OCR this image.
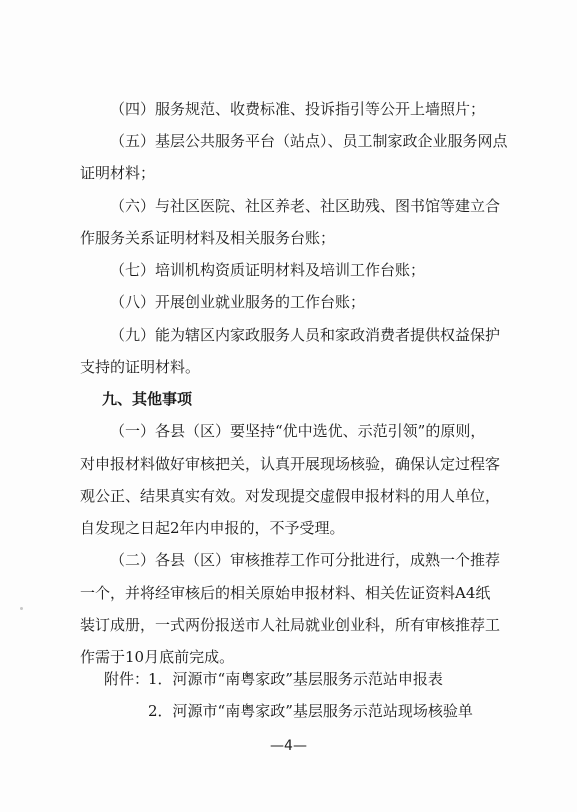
（四）服务规范、收费标准、投诉指引等公开上墙照片；
（五）基层公共服务平台（站点）、员工制家政企业服务网点
证明材料；
（六）与社区医院、社区养老、社区助残、图书馆等建立合
作服务关系证明材料及相关服务台账；
（七）培训机构资质证明材料及培训工作台账；
（八）开展创业就业服务的工作台账；
（九）能为辖区内家政服务人员和家政消费者提供权益保护
支持的证明材料。
九、其他事项
（一）各县（区）要坚持“优中选优、示范引领”的原则，
对申报材料做好审核把关，认真开展现场核验，确保认定过程客
观公正、结果真实有效。对发现提交虚假申报材料的用人单位，
自发现之日起2年内申报的，不予受理。
（二）各县（区）审核推荐工作可分批进行，成熟一个推荐
一个，并将经审核后的相关原始申报材料、相关佐证资料A4纸
装订成册，一式两份报送市人社局就业创业科，所有审核推荐工
作需于10月底前完成。
附件：
1．河源市“南粤家政”基层服务示范站申报表
2．河源市“南粤家政”基层服务示范站现场核验单
—4—
